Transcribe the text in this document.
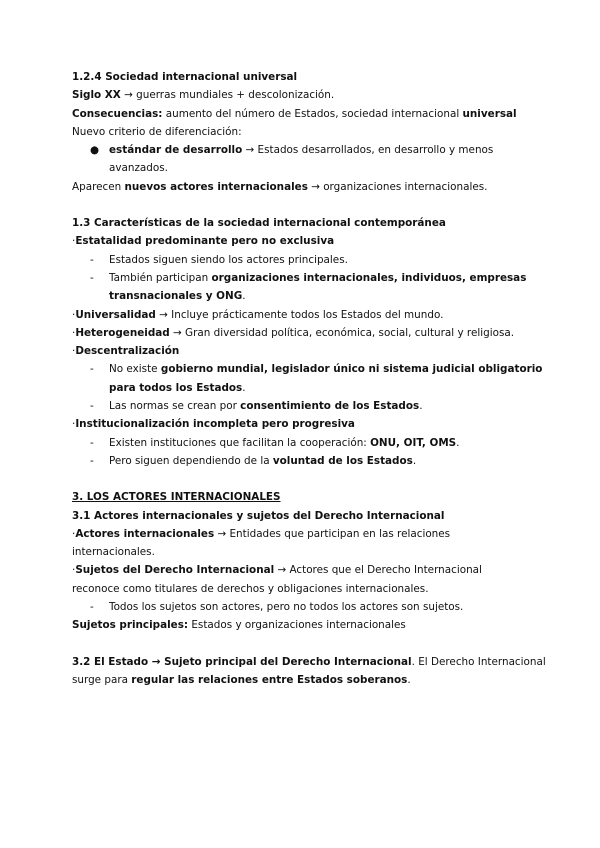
1.2.4 Sociedad internacional universal
Siglo XX → guerras mundiales + descolonización.
Consecuencias: aumento del número de Estados, sociedad internacional universal
Nuevo criterio de diferenciación:
● estándar de desarrollo → Estados desarrollados, en desarrollo y menos
avanzados.
Aparecen nuevos actores internacionales → organizaciones internacionales.
1.3 Características de la sociedad internacional contemporánea
·Estatalidad predominante pero no exclusiva
- Estados siguen siendo los actores principales.
- También participan organizaciones internacionales, individuos, empresas
transnacionales y ONG.
·Universalidad → Incluye prácticamente todos los Estados del mundo.
·Heterogeneidad → Gran diversidad política, económica, social, cultural y religiosa.
·Descentralización
- No existe gobierno mundial, legislador único ni sistema judicial obligatorio
para todos los Estados.
- Las normas se crean por consentimiento de los Estados.
·Institucionalización incompleta pero progresiva
- Existen instituciones que facilitan la cooperación: ONU, OIT, OMS.
- Pero siguen dependiendo de la voluntad de los Estados.
3. LOS ACTORES INTERNACIONALES
3.1 Actores internacionales y sujetos del Derecho Internacional
·Actores internacionales → Entidades que participan en las relaciones
internacionales.
·Sujetos del Derecho Internacional → Actores que el Derecho Internacional
reconoce como titulares de derechos y obligaciones internacionales.
- Todos los sujetos son actores, pero no todos los actores son sujetos.
Sujetos principales: Estados y organizaciones internacionales
3.2 El Estado → Sujeto principal del Derecho Internacional. El Derecho Internacional
surge para regular las relaciones entre Estados soberanos.
